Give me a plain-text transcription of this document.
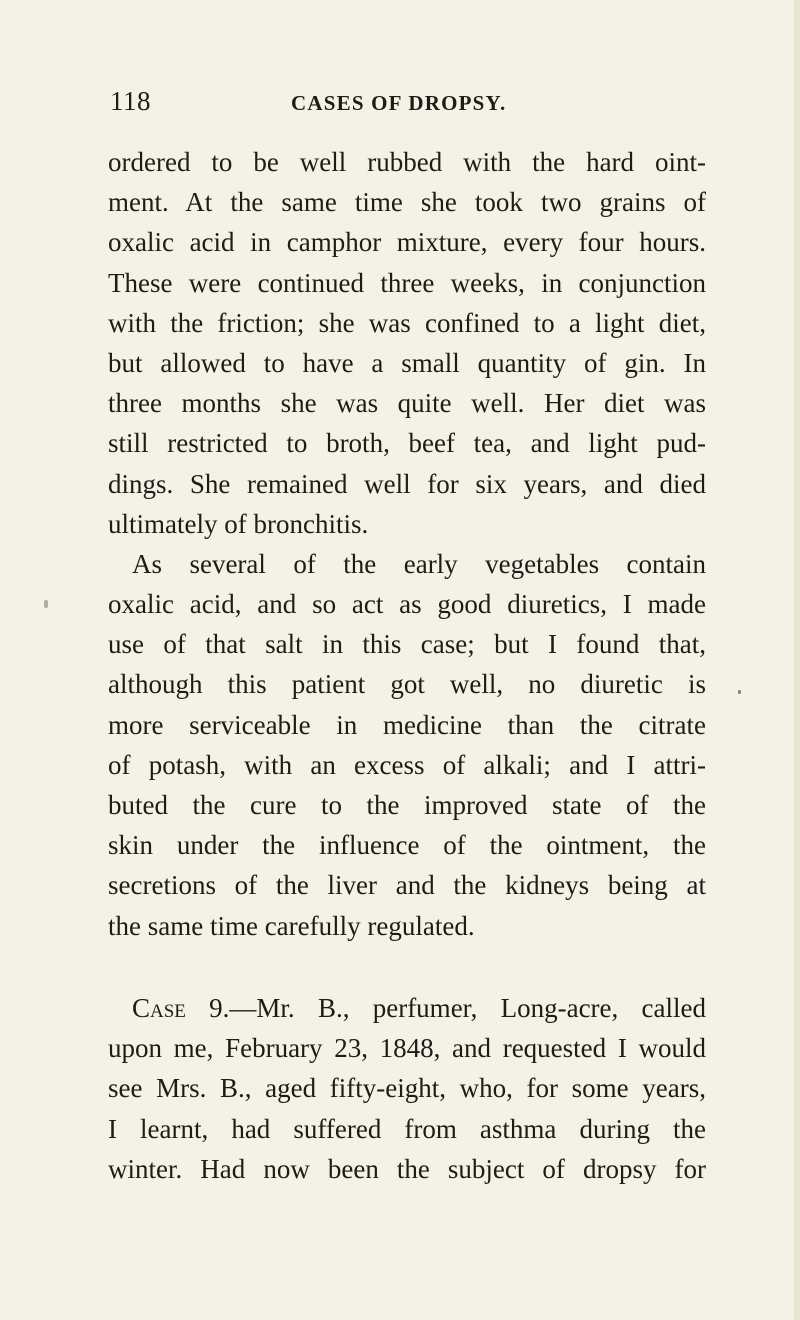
118	CASES OF DROPSY.
ordered to be well rubbed with the hard oint-
ment. At the same time she took two grains of
oxalic acid in camphor mixture, every four hours.
These were continued three weeks, in conjunction
with the friction; she was confined to a light diet,
but allowed to have a small quantity of gin. In
three months she was quite well. Her diet was
still restricted to broth, beef tea, and light pud-
dings. She remained well for six years, and died
ultimately of bronchitis.
As several of the early vegetables contain
oxalic acid, and so act as good diuretics, I made
use of that salt in this case; but I found that,
although this patient got well, no diuretic is
more serviceable in medicine than the citrate
of potash, with an excess of alkali; and I attri-
buted the cure to the improved state of the
skin under the influence of the ointment, the
secretions of the liver and the kidneys being at
the same time carefully regulated.
Case 9.—Mr. B., perfumer, Long-acre, called
upon me, February 23, 1848, and requested I would
see Mrs. B., aged fifty-eight, who, for some years,
I learnt, had suffered from asthma during the
winter. Had now been the subject of dropsy for
